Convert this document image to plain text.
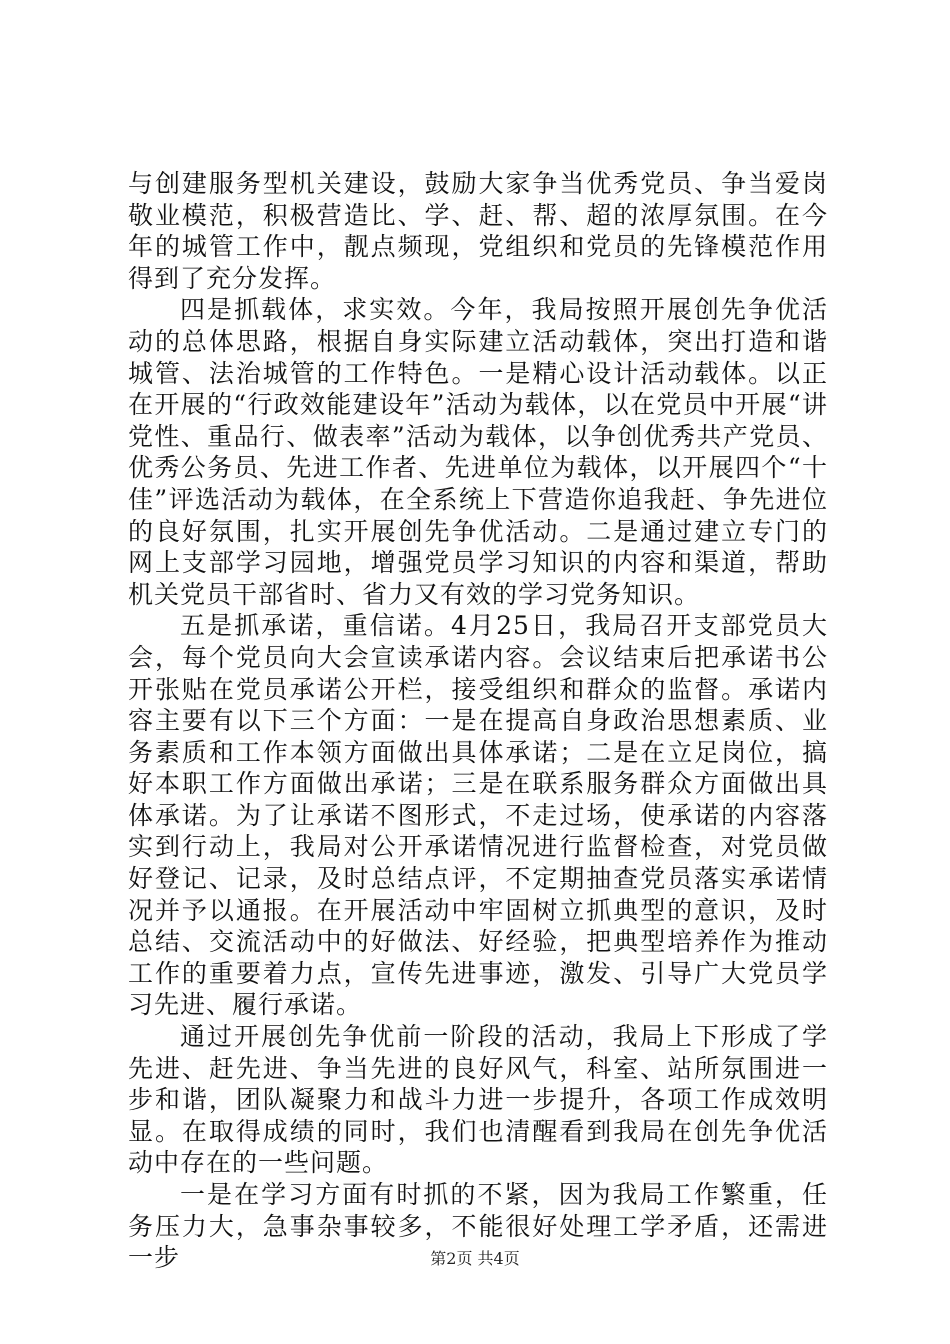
与创建服务型机关建设，鼓励大家争当优秀党员、争当爱岗敬业模范，积极营造比、学、赶、帮、超的浓厚氛围。在今年的城管工作中，靓点频现，党组织和党员的先锋模范作用得到了充分发挥。

四是抓载体，求实效。今年，我局按照开展创先争优活动的总体思路，根据自身实际建立活动载体，突出打造和谐城管、法治城管的工作特色。一是精心设计活动载体。以正在开展的“行政效能建设年”活动为载体，以在党员中开展“讲党性、重品行、做表率”活动为载体，以争创优秀共产党员、优秀公务员、先进工作者、先进单位为载体，以开展四个“十佳”评选活动为载体，在全系统上下营造你追我赶、争先进位的良好氛围，扎实开展创先争优活动。二是通过建立专门的网上支部学习园地，增强党员学习知识的内容和渠道，帮助机关党员干部省时、省力又有效的学习党务知识。

五是抓承诺，重信诺。4月25日，我局召开支部党员大会，每个党员向大会宣读承诺内容。会议结束后把承诺书公开张贴在党员承诺公开栏，接受组织和群众的监督。承诺内容主要有以下三个方面：一是在提高自身政治思想素质、业务素质和工作本领方面做出具体承诺；二是在立足岗位，搞好本职工作方面做出承诺；三是在联系服务群众方面做出具体承诺。为了让承诺不图形式，不走过场，使承诺的内容落实到行动上，我局对公开承诺情况进行监督检查，对党员做好登记、记录，及时总结点评，不定期抽查党员落实承诺情况并予以通报。在开展活动中牢固树立抓典型的意识，及时总结、交流活动中的好做法、好经验，把典型培养作为推动工作的重要着力点，宣传先进事迹，激发、引导广大党员学习先进、履行承诺。

通过开展创先争优前一阶段的活动，我局上下形成了学先进、赶先进、争当先进的良好风气，科室、站所氛围进一步和谐，团队凝聚力和战斗力进一步提升，各项工作成效明显。在取得成绩的同时，我们也清醒看到我局在创先争优活动中存在的一些问题。

一是在学习方面有时抓的不紧，因为我局工作繁重，任务压力大，急事杂事较多，不能很好处理工学矛盾，还需进一步	第2页 共4页
